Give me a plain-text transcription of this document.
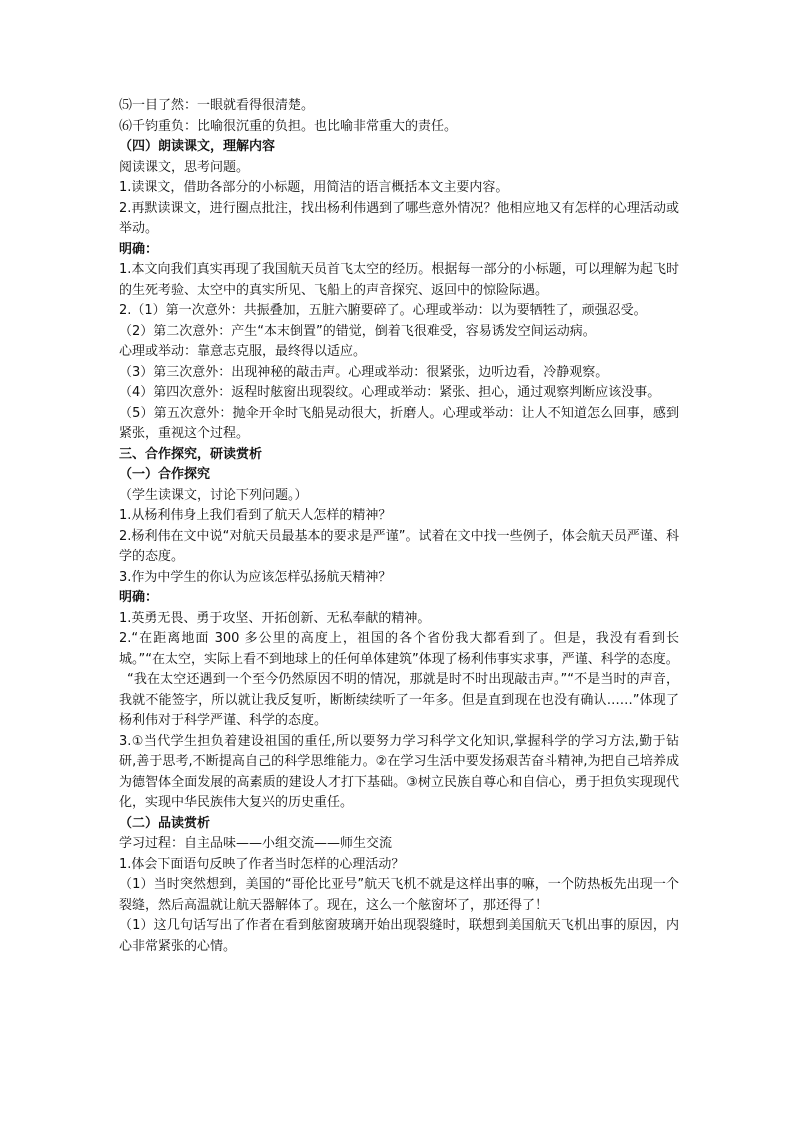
⑸一目了然：一眼就看得很清楚。
⑹千钧重负：比喻很沉重的负担。也比喻非常重大的责任。
（四）朗读课文，理解内容
阅读课文，思考问题。
1.读课文，借助各部分的小标题，用简洁的语言概括本文主要内容。
2.再默读课文，进行圈点批注，找出杨利伟遇到了哪些意外情况？他相应地又有怎样的心理活动或举动。
明确：
1.本文向我们真实再现了我国航天员首飞太空的经历。根据每一部分的小标题，可以理解为起飞时的生死考验、太空中的真实所见、飞船上的声音探究、返回中的惊险际遇。
2.（1）第一次意外：共振叠加，五脏六腑要碎了。心理或举动：以为要牺牲了，顽强忍受。
（2）第二次意外：产生“本末倒置”的错觉，倒着飞很难受，容易诱发空间运动病。
心理或举动：靠意志克服，最终得以适应。
（3）第三次意外：出现神秘的敲击声。心理或举动：很紧张，边听边看，冷静观察。
（4）第四次意外：返程时舷窗出现裂纹。心理或举动：紧张、担心，通过观察判断应该没事。
（5）第五次意外：抛伞开伞时飞船晃动很大，折磨人。心理或举动：让人不知道怎么回事，感到紧张，重视这个过程。
三、合作探究，研读赏析
（一）合作探究
（学生读课文，讨论下列问题。）
1.从杨利伟身上我们看到了航天人怎样的精神？
2.杨利伟在文中说“对航天员最基本的要求是严谨”。试着在文中找一些例子，体会航天员严谨、科学的态度。
3.作为中学生的你认为应该怎样弘扬航天精神？
明确：
1.英勇无畏、勇于攻坚、开拓创新、无私奉献的精神。
2.“在距离地面 300 多公里的高度上，祖国的各个省份我大都看到了。但是，我没有看到长城。”“在太空，实际上看不到地球上的任何单体建筑”体现了杨利伟事实求事，严谨、科学的态度。
“我在太空还遇到一个至今仍然原因不明的情况，那就是时不时出现敲击声。”“不是当时的声音，我就不能签字，所以就让我反复听，断断续续听了一年多。但是直到现在也没有确认……”体现了杨利伟对于科学严谨、科学的态度。
3.①当代学生担负着建设祖国的重任,所以要努力学习科学文化知识,掌握科学的学习方法,勤于钻研,善于思考,不断提高自己的科学思维能力。②在学习生活中要发扬艰苦奋斗精神,为把自己培养成为德智体全面发展的高素质的建设人才打下基础。③树立民族自尊心和自信心，勇于担负实现现代化，实现中华民族伟大复兴的历史重任。
（二）品读赏析
学习过程：自主品味——小组交流——师生交流
1.体会下面语句反映了作者当时怎样的心理活动？
（1）当时突然想到，美国的“哥伦比亚号”航天飞机不就是这样出事的嘛，一个防热板先出现一个裂缝，然后高温就让航天器解体了。现在，这么一个舷窗坏了，那还得了！
（1）这几句话写出了作者在看到舷窗玻璃开始出现裂缝时，联想到美国航天飞机出事的原因，内心非常紧张的心情。
